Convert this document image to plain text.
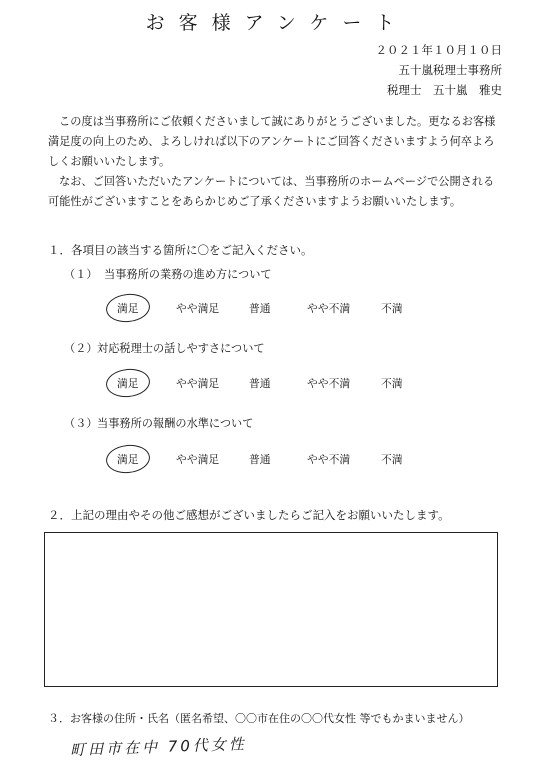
お客様アンケート
２０２１年１０月１０日
五十嵐税理士事務所
税理士　五十嵐　雅史

この度は当事務所にご依頼くださいまして誠にありがとうございました。更なるお客様満足度の向上のため、よろしければ以下のアンケートにご回答くださいますよう何卒よろしくお願いいたします。

なお、ご回答いただいたアンケートについては、当事務所のホームページで公開される可能性がございますことをあらかじめご了承くださいますようお願いいたします。

１．各項目の該当する箇所に〇をご記入ください。
（１） 当事務所の業務の進め方について
満足	やや満足	普通	やや不満	不満
（２） 対応税理士の話しやすさについて
満足	やや満足	普通	やや不満	不満
（３） 当事務所の報酬の水準について
満足	やや満足	普通	やや不満	不満
２．上記の理由やその他ご感想がございましたらご記入をお願いいたします。
３．お客様の住所・氏名（匿名希望、〇〇市在住の〇〇代女性 等でもかまいません）
町田市在中 70代女性
